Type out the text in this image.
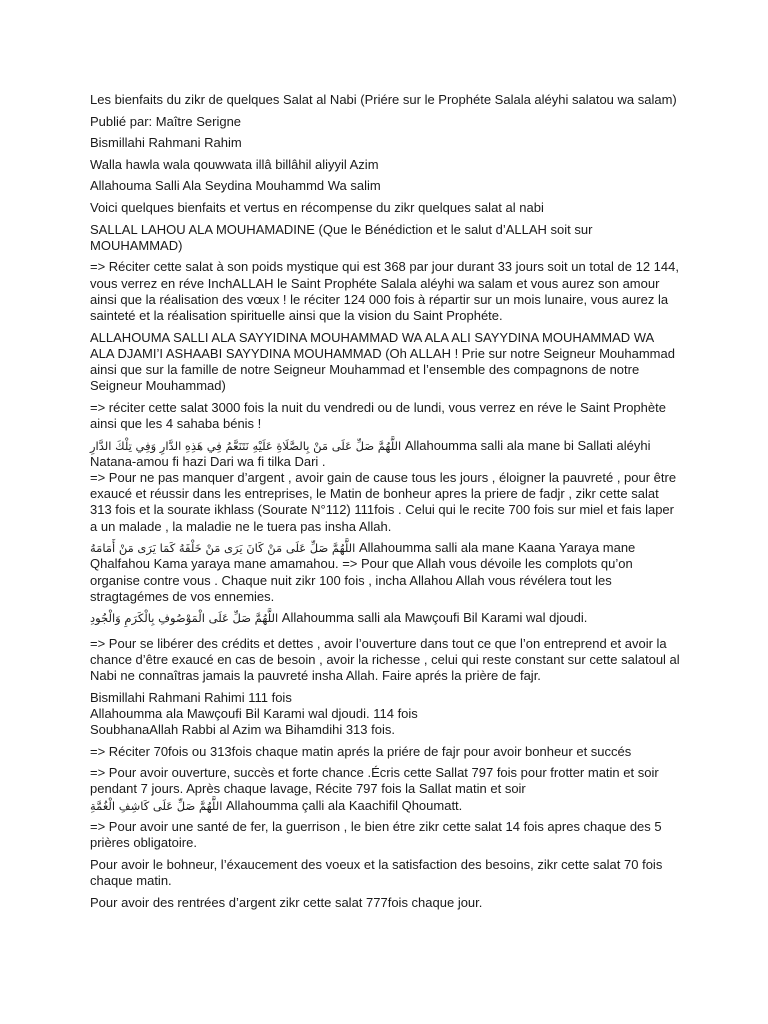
Les bienfaits du zikr de quelques Salat al Nabi (Priére sur le Prophéte Salala aléyhi salatou wa salam)

Publié par: Maître Serigne

Bismillahi Rahmani Rahim

Walla hawla wala qouwwata illâ billâhil aliyyil Azim

Allahouma Salli Ala Seydina Mouhammd Wa salim

Voici quelques bienfaits et vertus en récompense du zikr quelques salat al nabi

SALLAL LAHOU ALA MOUHAMADINE (Que le Bénédiction et le salut d’ALLAH soit sur MOUHAMMAD)

=> Réciter cette salat à son poids mystique qui est 368 par jour durant 33 jours soit un total de 12 144, vous verrez en réve InchALLAH le Saint Prophéte Salala aléyhi wa salam et vous aurez son amour ainsi que la réalisation des vœux ! le réciter 124 000 fois à répartir sur un mois lunaire, vous aurez la sainteté et la réalisation spirituelle ainsi que la vision du Saint Prophéte.

ALLAHOUMA SALLI ALA SAYYIDINA MOUHAMMAD WA ALA ALI SAYYDINA MOUHAMMAD WA ALA DJAMI’I ASHAABI SAYYDINA MOUHAMMAD (Oh ALLAH ! Prie sur notre Seigneur Mouhammad ainsi que sur la famille de notre Seigneur Mouhammad et l’ensemble des compagnons de notre Seigneur Mouhammad)

=> réciter cette salat 3000 fois la nuit du vendredi ou de lundi, vous verrez en réve le Saint Prophète ainsi que les 4 sahaba bénis !

اللَّهُمَّ صَلِّ عَلَى مَنْ بِالصَّلَاةِ عَلَيْهِ نَتَنَعَّمُ فِي هَذِهِ الدَّارِ وَفِي تِلْكَ الدَّارِ Allahoumma salli ala mane bi Sallati aléyhi Natana-amou fi hazi Dari wa fi tilka Dari .

=> Pour ne pas manquer d’argent , avoir gain de cause tous les jours , éloigner la pauvreté , pour être exaucé et réussir dans les entreprises, le Matin de bonheur apres la priere de fadjr , zikr cette salat 313 fois et la sourate ikhlass (Sourate N°112) 111fois . Celui qui le recite 700 fois sur miel et fais laper a un malade , la maladie ne le tuera pas insha Allah.

اللَّهُمَّ صَلِّ عَلَى مَنْ كَانَ يَرَى مَنْ خَلْفَهُ كَمَا يَرَى مَنْ أَمَامَهُ Allahoumma salli ala mane Kaana Yaraya mane Qhalfahou Kama yaraya mane amamahou. => Pour que Allah vous dévoile les complots qu’on organise contre vous . Chaque nuit zikr 100 fois , incha Allahou Allah vous révélera tout les stragtagémes de vos ennemies.

اللَّهُمَّ صَلِّ عَلَى الْمَوْصُوفِ بِالْكَرَمِ وَالْجُودِ Allahoumma salli ala Mawçoufi Bil Karami wal djoudi.

=> Pour se libérer des crédits et dettes , avoir l’ouverture dans tout ce que l’on entreprend et avoir la chance d’être exaucé en cas de besoin , avoir la richesse , celui qui reste constant sur cette salatoul al Nabi ne connaîtras jamais la pauvreté insha Allah. Faire aprés la prière de fajr.

Bismillahi Rahmani Rahimi 111 fois
Allahoumma ala Mawçoufi Bil Karami wal djoudi. 114 fois
SoubhanaAllah Rabbi al Azim wa Bihamdihi 313 fois.

=> Réciter 70fois ou 313fois chaque matin aprés la priére de fajr pour avoir bonheur et succés

=> Pour avoir ouverture, succès et forte chance .Écris cette Sallat 797 fois pour frotter matin et soir pendant 7 jours. Après chaque lavage, Récite 797 fois la Sallat matin et soir
اللَّهُمَّ صَلِّ عَلَى كَاشِفِ الْغُمَّةِ Allahoumma çalli ala Kaachifil Qhoumatt.

=> Pour avoir une santé de fer, la guerrison , le bien étre zikr cette salat 14 fois apres chaque des 5 prières obligatoire.

Pour avoir le bohneur, l’éxaucement des voeux et la satisfaction des besoins, zikr cette salat 70 fois chaque matin.

Pour avoir des rentrées d’argent zikr cette salat 777fois chaque jour.
